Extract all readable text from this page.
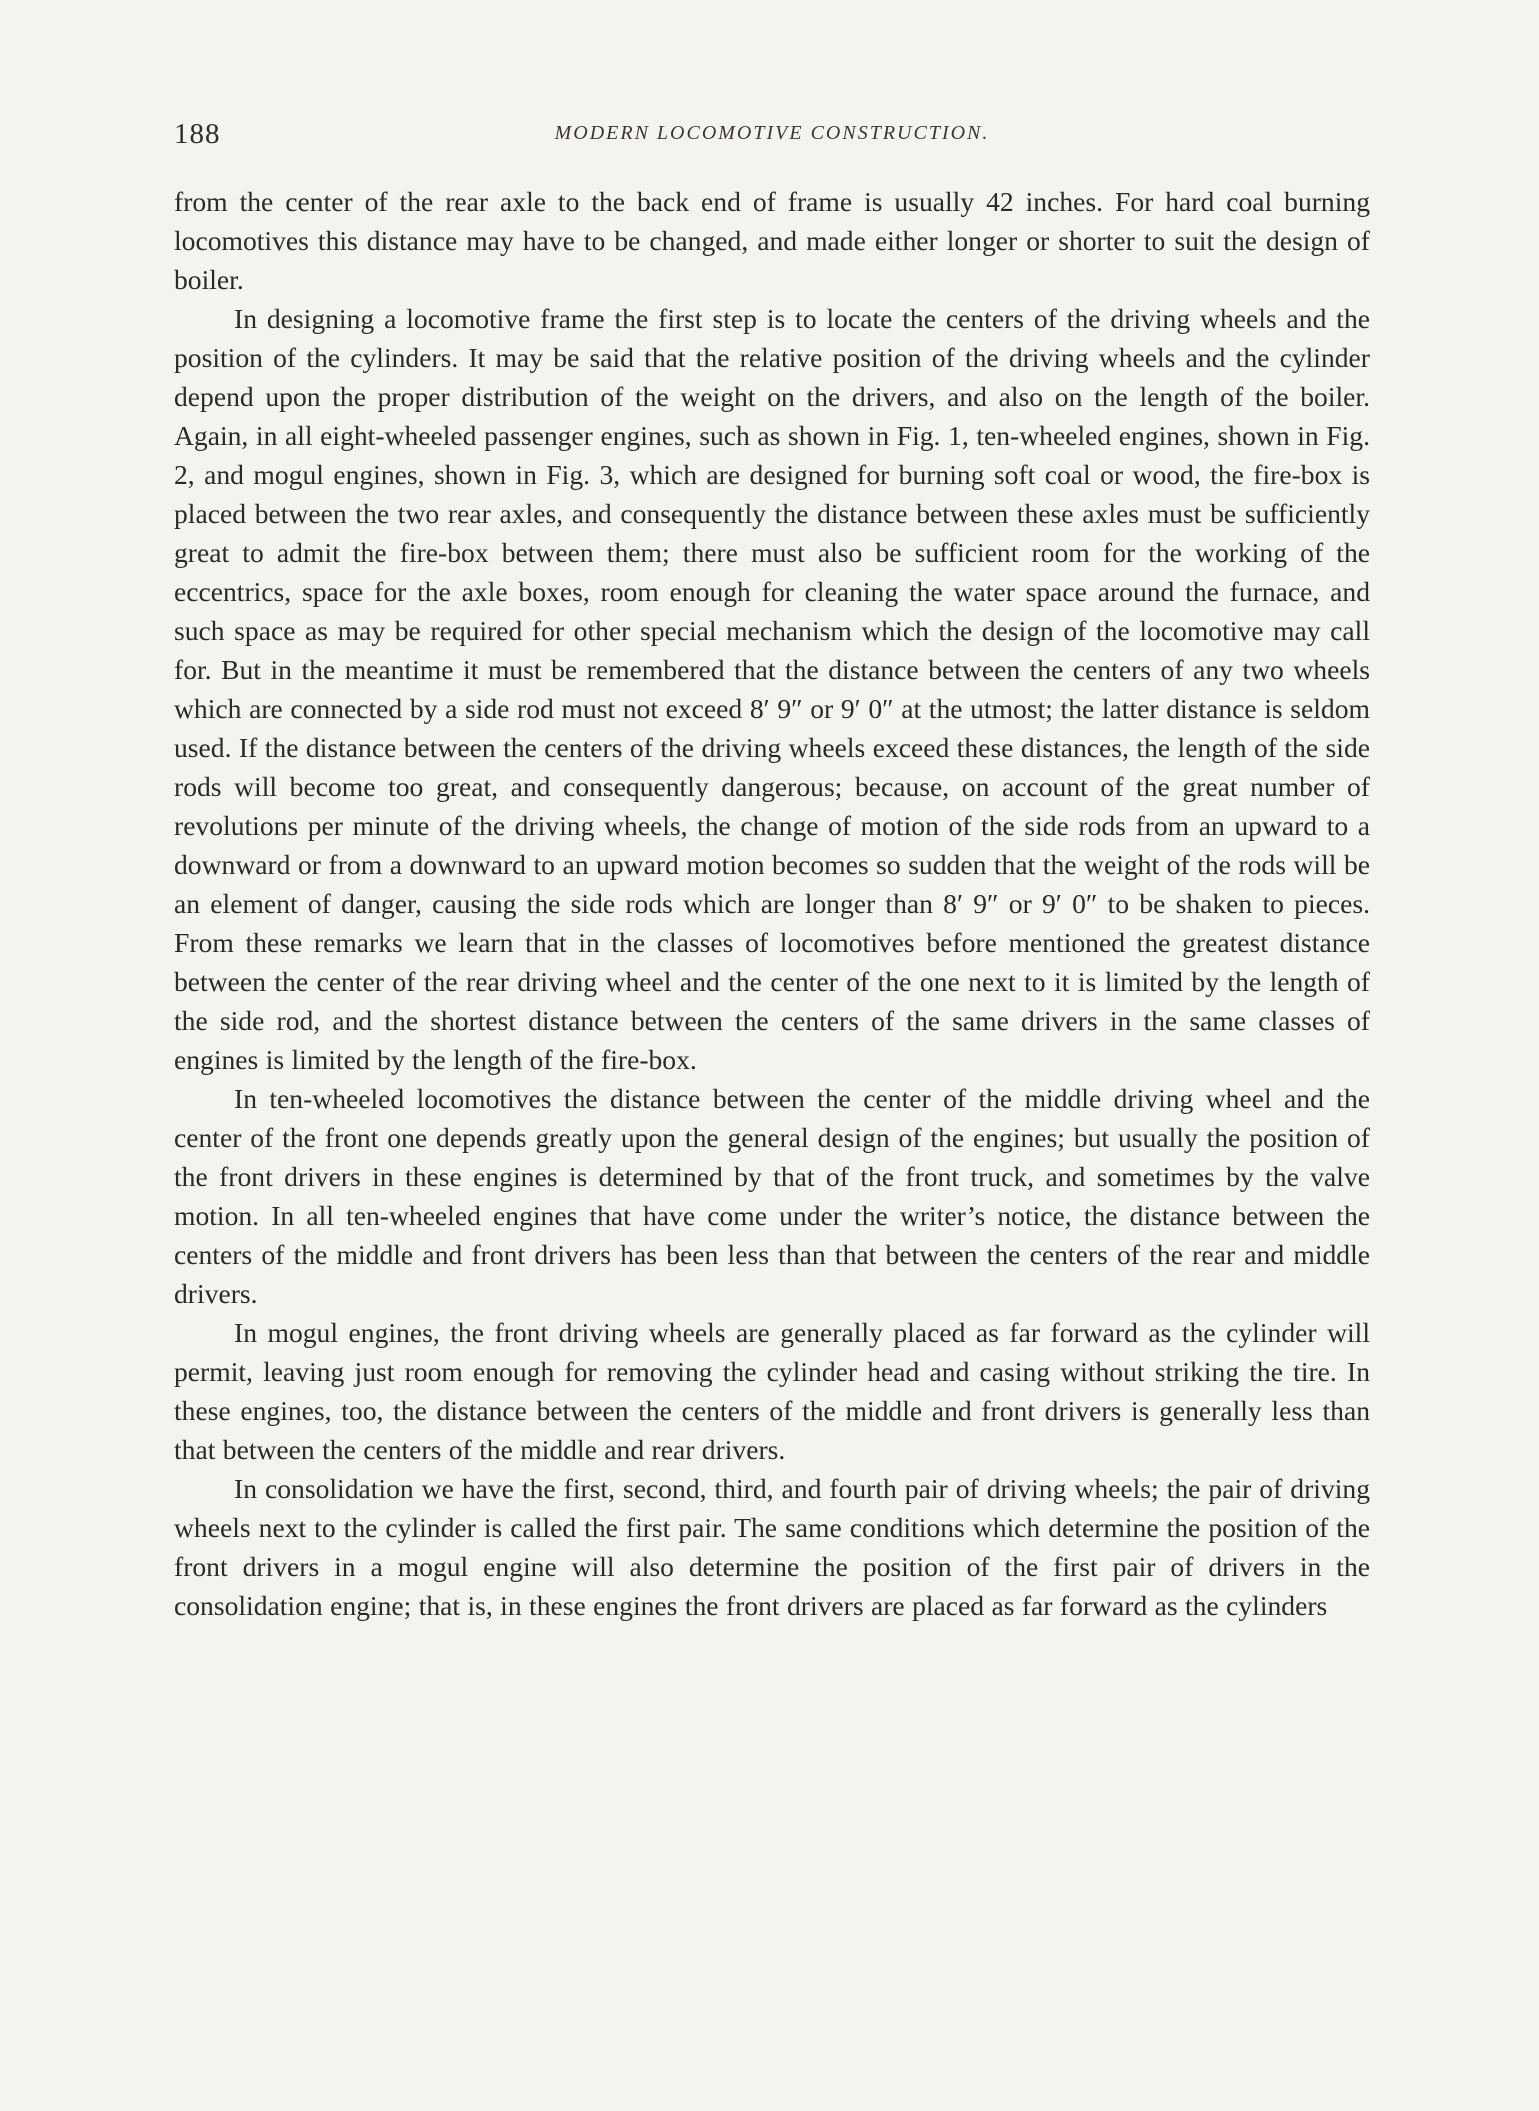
188	MODERN LOCOMOTIVE CONSTRUCTION.

from the center of the rear axle to the back end of frame is usually 42 inches. For hard coal burning locomotives this distance may have to be changed, and made either longer or shorter to suit the design of boiler.

In designing a locomotive frame the first step is to locate the centers of the driving wheels and the position of the cylinders. It may be said that the relative position of the driving wheels and the cylinder depend upon the proper distribution of the weight on the drivers, and also on the length of the boiler. Again, in all eight-wheeled passenger engines, such as shown in Fig. 1, ten-wheeled engines, shown in Fig. 2, and mogul engines, shown in Fig. 3, which are designed for burning soft coal or wood, the fire-box is placed between the two rear axles, and consequently the distance between these axles must be sufficiently great to admit the fire-box between them; there must also be sufficient room for the working of the eccentrics, space for the axle boxes, room enough for cleaning the water space around the furnace, and such space as may be required for other special mechanism which the design of the locomotive may call for. But in the meantime it must be remembered that the distance between the centers of any two wheels which are connected by a side rod must not exceed 8′ 9″ or 9′ 0″ at the utmost; the latter distance is seldom used. If the distance between the centers of the driving wheels exceed these distances, the length of the side rods will become too great, and consequently dangerous; because, on account of the great number of revolutions per minute of the driving wheels, the change of motion of the side rods from an upward to a downward or from a downward to an upward motion becomes so sudden that the weight of the rods will be an element of danger, causing the side rods which are longer than 8′ 9″ or 9′ 0″ to be shaken to pieces. From these remarks we learn that in the classes of locomotives before mentioned the greatest distance between the center of the rear driving wheel and the center of the one next to it is limited by the length of the side rod, and the shortest distance between the centers of the same drivers in the same classes of engines is limited by the length of the fire-box.

In ten-wheeled locomotives the distance between the center of the middle driving wheel and the center of the front one depends greatly upon the general design of the engines; but usually the position of the front drivers in these engines is determined by that of the front truck, and sometimes by the valve motion. In all ten-wheeled engines that have come under the writer’s notice, the distance between the centers of the middle and front drivers has been less than that between the centers of the rear and middle drivers.

In mogul engines, the front driving wheels are generally placed as far forward as the cylinder will permit, leaving just room enough for removing the cylinder head and casing without striking the tire. In these engines, too, the distance between the centers of the middle and front drivers is generally less than that between the centers of the middle and rear drivers.

In consolidation we have the first, second, third, and fourth pair of driving wheels; the pair of driving wheels next to the cylinder is called the first pair. The same conditions which determine the position of the front drivers in a mogul engine will also determine the position of the first pair of drivers in the consolidation engine; that is, in these engines the front drivers are placed as far forward as the cylinders
